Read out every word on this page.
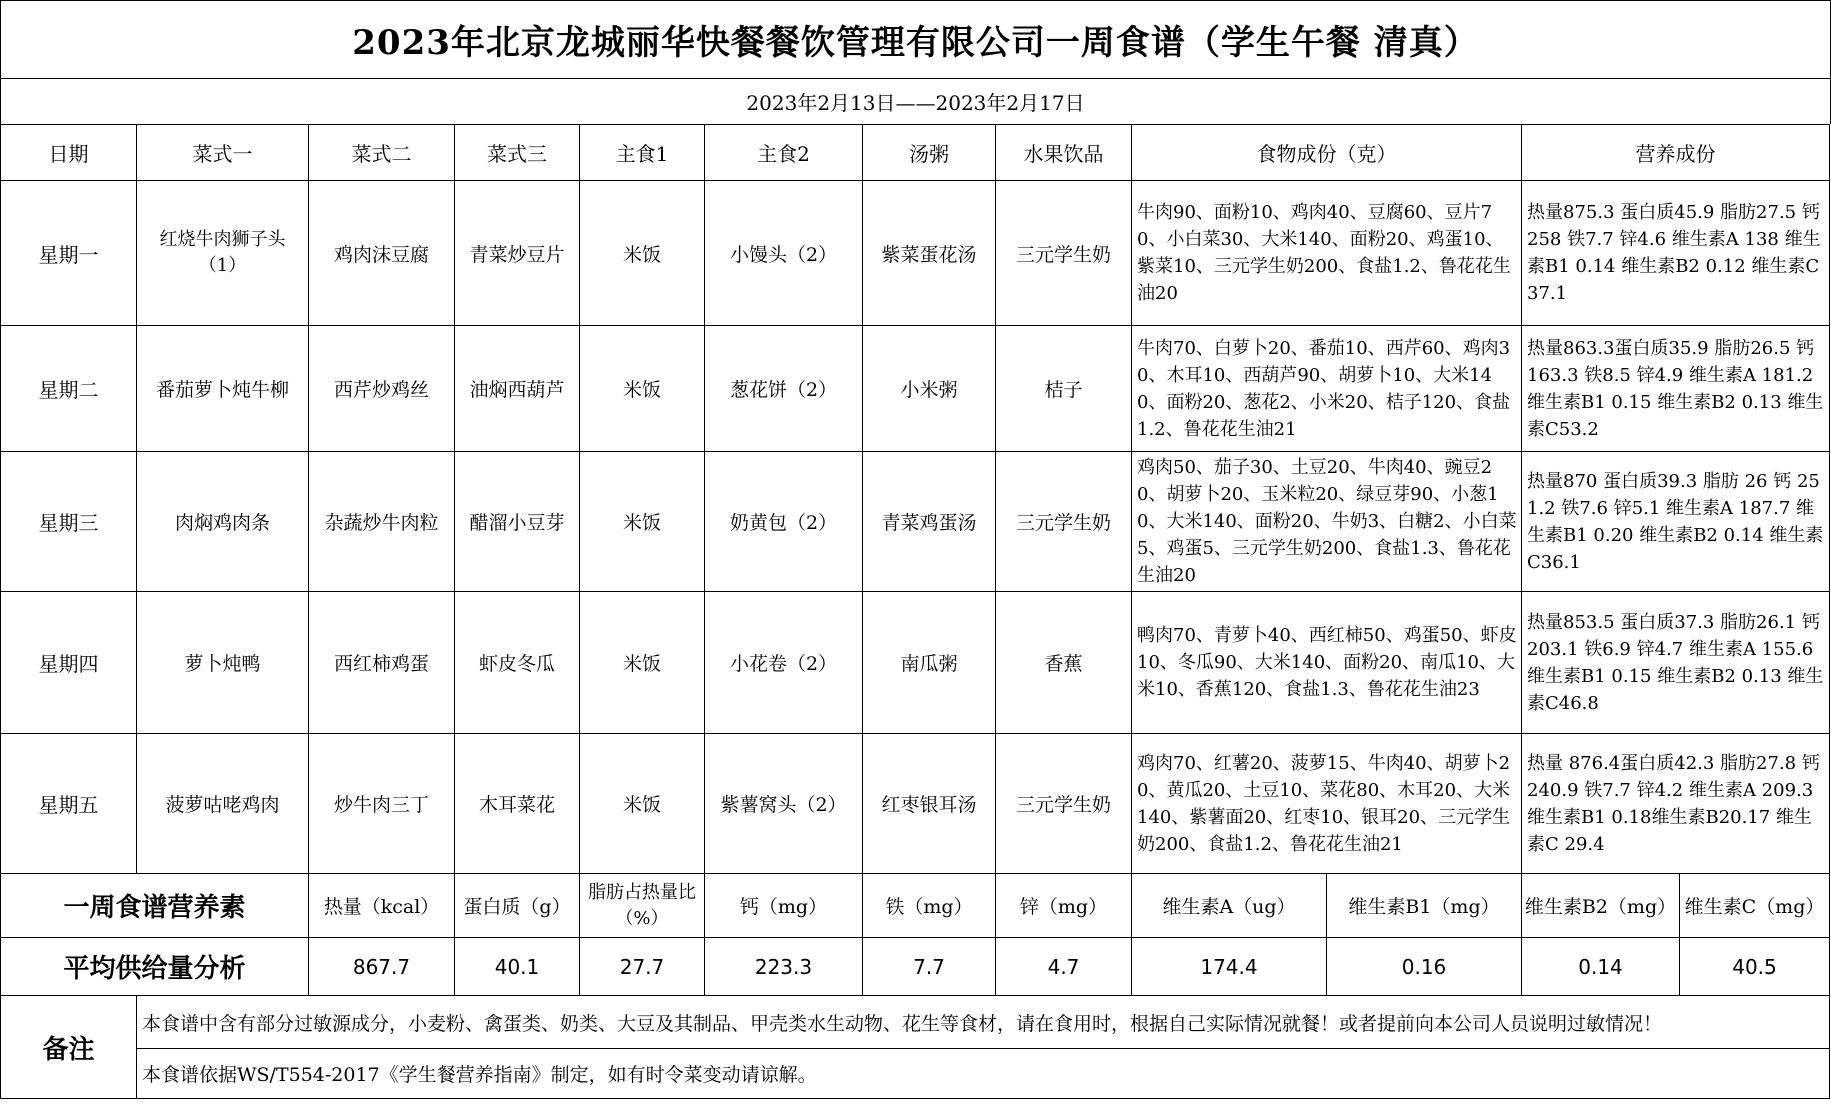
2023年北京龙城丽华快餐餐饮管理有限公司一周食谱（学生午餐 清真）
2023年2月13日——2023年2月17日
日期	菜式一	菜式二	菜式三	主食1	主食2	汤粥	水果饮品	食物成份（克）		营养成份	
星期一	红烧牛肉狮子头（1）	鸡肉沫豆腐	青菜炒豆片	米饭	小馒头（2）	紫菜蛋花汤	三元学生奶	牛肉90、面粉10、鸡肉40、豆腐60、豆片70、小白菜30、大米140、面粉20、鸡蛋10、紫菜10、三元学生奶200、食盐1.2、鲁花花生油20		热量875.3 蛋白质45.9 脂肪27.5 钙 258 铁7.7 锌4.6 维生素A 138 维生素B1 0.14 维生素B2 0.12 维生素C37.1	
星期二	番茄萝卜炖牛柳	西芹炒鸡丝	油焖西葫芦	米饭	葱花饼（2）	小米粥	桔子	牛肉70、白萝卜20、番茄10、西芹60、鸡肉30、木耳10、西葫芦90、胡萝卜10、大米140、面粉20、葱花2、小米20、桔子120、食盐1.2、鲁花花生油21		热量863.3蛋白质35.9 脂肪26.5 钙 163.3 铁8.5 锌4.9 维生素A 181.2 维生素B1 0.15 维生素B2 0.13 维生素C53.2	
星期三	肉焖鸡肉条	杂蔬炒牛肉粒	醋溜小豆芽	米饭	奶黄包（2）	青菜鸡蛋汤	三元学生奶	鸡肉50、茄子30、土豆20、牛肉40、豌豆20、胡萝卜20、玉米粒20、绿豆芽90、小葱10、大米140、面粉20、牛奶3、白糖2、小白菜5、鸡蛋5、三元学生奶200、食盐1.3、鲁花花生油20		热量870 蛋白质39.3 脂肪 26 钙 251.2 铁7.6 锌5.1 维生素A 187.7 维生素B1 0.20 维生素B2 0.14 维生素C36.1	
星期四	萝卜炖鸭	西红柿鸡蛋	虾皮冬瓜	米饭	小花卷（2）	南瓜粥	香蕉	鸭肉70、青萝卜40、西红柿50、鸡蛋50、虾皮10、冬瓜90、大米140、面粉20、南瓜10、大米10、香蕉120、食盐1.3、鲁花花生油23		热量853.5 蛋白质37.3 脂肪26.1 钙 203.1 铁6.9 锌4.7 维生素A 155.6 维生素B1 0.15 维生素B2 0.13 维生素C46.8	
星期五	菠萝咕咾鸡肉	炒牛肉三丁	木耳菜花	米饭	紫薯窝头（2）	红枣银耳汤	三元学生奶	鸡肉70、红薯20、菠萝15、牛肉40、胡萝卜20、黄瓜20、土豆10、菜花80、木耳20、大米140、紫薯面20、红枣10、银耳20、三元学生奶200、食盐1.2、鲁花花生油21		热量 876.4蛋白质42.3 脂肪27.8 钙240.9 铁7.7 锌4.2 维生素A 209.3维生素B1 0.18维生素B20.17 维生素C 29.4	
一周食谱营养素		热量（kcal）	蛋白质（g）	脂肪占热量比（%）	钙（mg）	铁（mg）	锌（mg）	维生素A（ug）	维生素B1（mg）	维生素B2（mg）	维生素C（mg）
平均供给量分析		867.7	40.1	27.7	223.3	7.7	4.7	174.4	0.16	0.14	40.5
备注	本食谱中含有部分过敏源成分，小麦粉、禽蛋类、奶类、大豆及其制品、甲壳类水生动物、花生等食材，请在食用时，根据自己实际情况就餐！或者提前向本公司人员说明过敏情况！										
	本食谱依据WS/T554-2017《学生餐营养指南》制定，如有时令菜变动请谅解。										
